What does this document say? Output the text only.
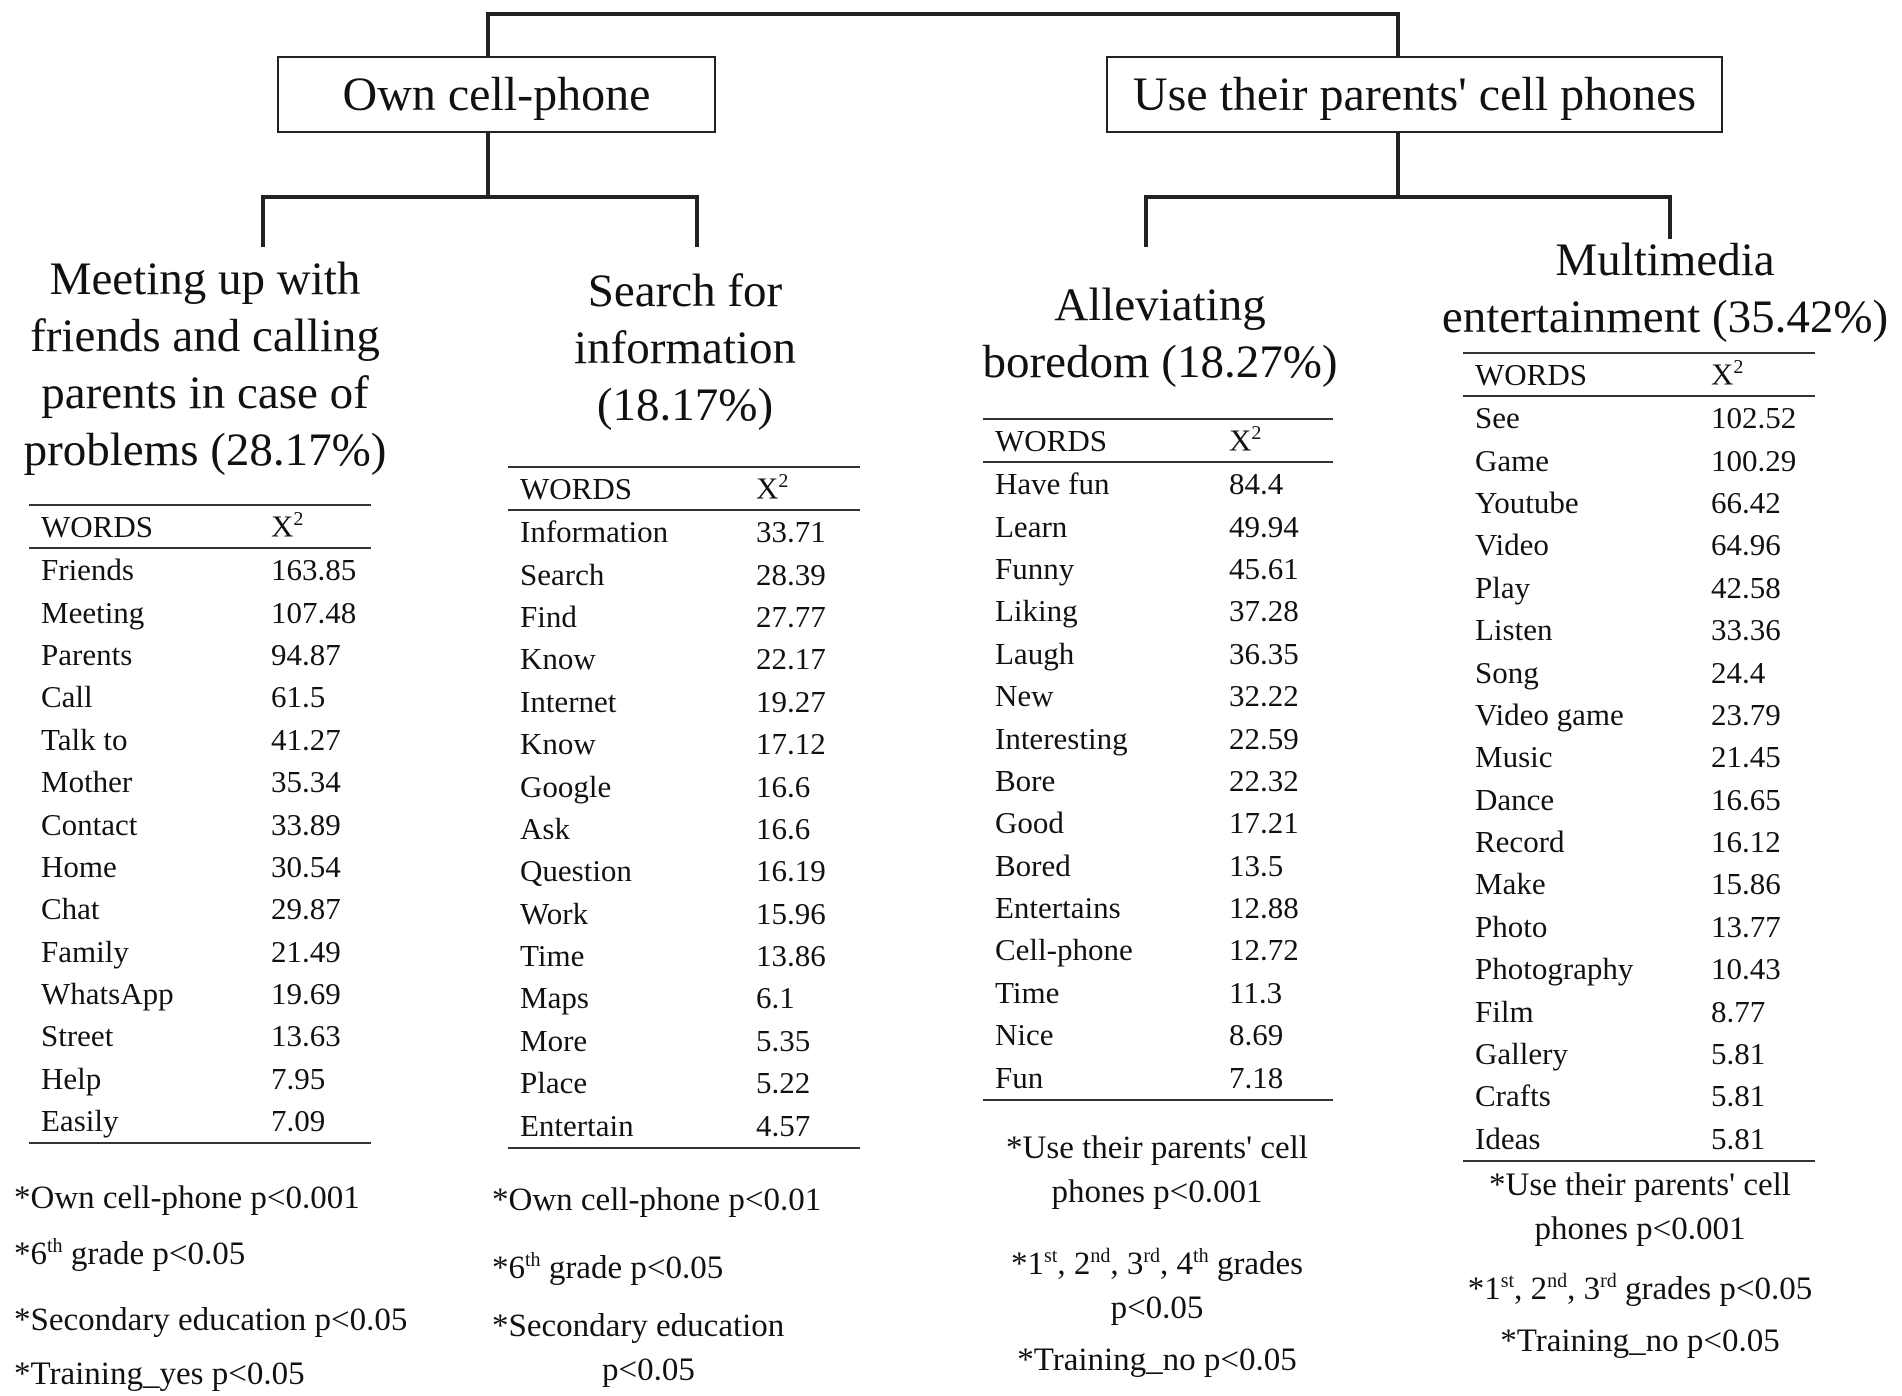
Own cell-phone	Use their parents' cell phones
Meeting up with
friends and calling
parents in case of
problems (28.17%)
WORDS	$X^2$
Friends	163.85
Meeting	107.48
Parents	94.87
Call	61.5
Talk to	41.27
Mother	35.34
Contact	33.89
Home	30.54
Chat	29.87
Family	21.49
WhatsApp	19.69
Street	13.63
Help	7.95
Easily	7.09

*Own cell-phone p<0.001

*6th grade p<0.05

*Secondary education p<0.05

*Training_yes p<0.05

Search for
information
(18.17%)
WORDS	$X^2$
Information	33.71
Search	28.39
Find	27.77
Know	22.17
Internet	19.27
Know	17.12
Google	16.6
Ask	16.6
Question	16.19
Work	15.96
Time	13.86
Maps	6.1
More	5.35
Place	5.22
Entertain	4.57

*Own cell-phone p<0.01

*6th grade p<0.05

*Secondary education

p<0.05

Alleviating
boredom (18.27%)
WORDS	$X^2$
Have fun	84.4
Learn	49.94
Funny	45.61
Liking	37.28
Laugh	36.35
New	32.22
Interesting	22.59
Bore	22.32
Good	17.21
Bored	13.5
Entertains	12.88
Cell-phone	12.72
Time	11.3
Nice	8.69
Fun	7.18

*Use their parents' cell

phones p<0.001

*1st, 2nd, 3rd, 4th grades

p<0.05

*Training_no p<0.05

Multimedia
entertainment (35.42%)
WORDS	$X^2$
See	102.52
Game	100.29
Youtube	66.42
Video	64.96
Play	42.58
Listen	33.36
Song	24.4
Video game	23.79
Music	21.45
Dance	16.65
Record	16.12
Make	15.86
Photo	13.77
Photography	10.43
Film	8.77
Gallery	5.81
Crafts	5.81
Ideas	5.81

*Use their parents' cell

phones p<0.001

*1st, 2nd, 3rd grades p<0.05

*Training_no p<0.05
